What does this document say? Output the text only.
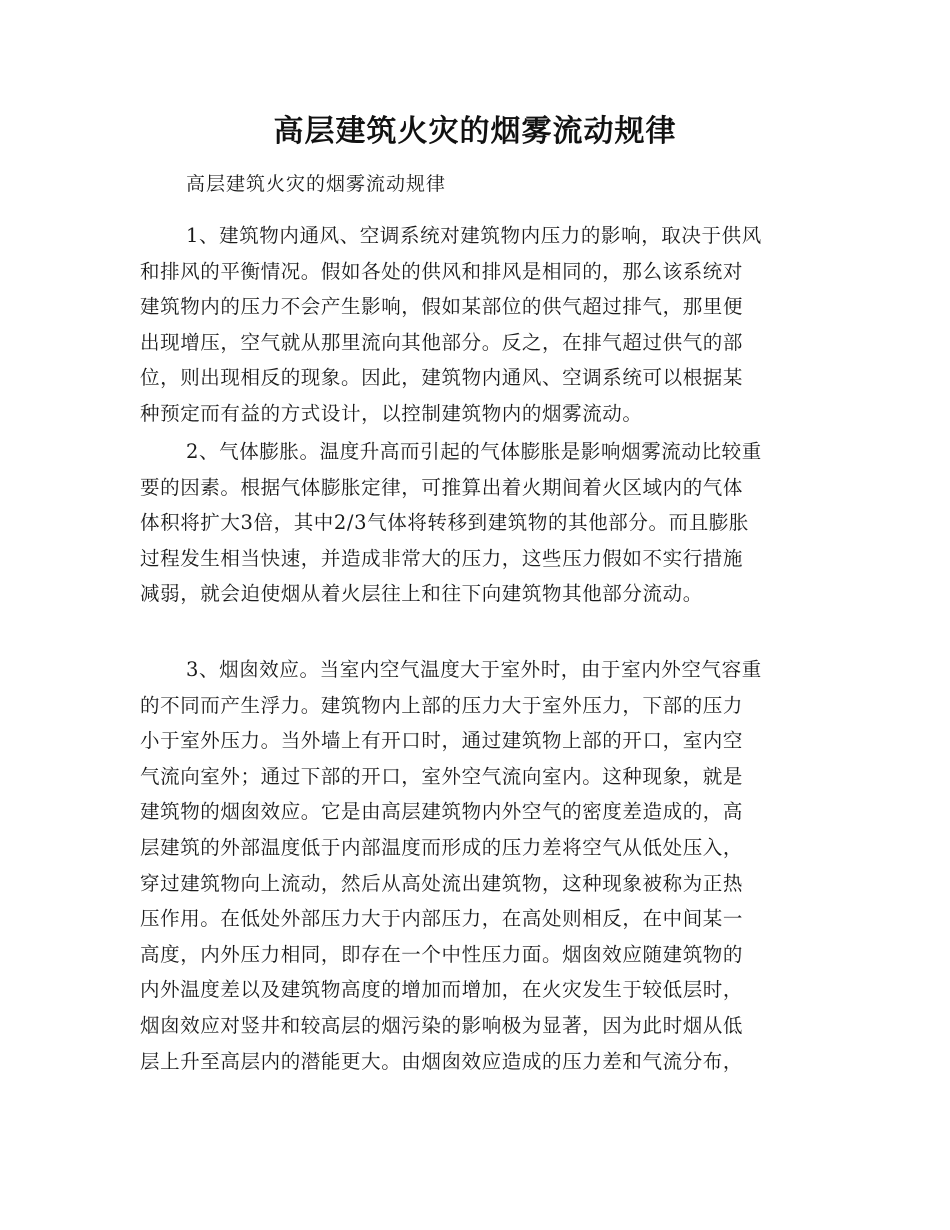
高层建筑火灾的烟雾流动规律
高层建筑火灾的烟雾流动规律
1、建筑物内通风、空调系统对建筑物内压力的影响，取决于供风
和排风的平衡情况。假如各处的供风和排风是相同的，那么该系统对
建筑物内的压力不会产生影响，假如某部位的供气超过排气，那里便
出现增压，空气就从那里流向其他部分。反之，在排气超过供气的部
位，则出现相反的现象。因此，建筑物内通风、空调系统可以根据某
种预定而有益的方式设计，以控制建筑物内的烟雾流动。
2、气体膨胀。温度升高而引起的气体膨胀是影响烟雾流动比较重
要的因素。根据气体膨胀定律，可推算出着火期间着火区域内的气体
体积将扩大3倍，其中2/3气体将转移到建筑物的其他部分。而且膨胀
过程发生相当快速，并造成非常大的压力，这些压力假如不实行措施
减弱，就会迫使烟从着火层往上和往下向建筑物其他部分流动。
3、烟囱效应。当室内空气温度大于室外时，由于室内外空气容重
的不同而产生浮力。建筑物内上部的压力大于室外压力，下部的压力
小于室外压力。当外墙上有开口时，通过建筑物上部的开口，室内空
气流向室外；通过下部的开口，室外空气流向室内。这种现象，就是
建筑物的烟囱效应。它是由高层建筑物内外空气的密度差造成的，高
层建筑的外部温度低于内部温度而形成的压力差将空气从低处压入，
穿过建筑物向上流动，然后从高处流出建筑物，这种现象被称为正热
压作用。在低处外部压力大于内部压力，在高处则相反，在中间某一
高度，内外压力相同，即存在一个中性压力面。烟囱效应随建筑物的
内外温度差以及建筑物高度的增加而增加，在火灾发生于较低层时，
烟囱效应对竖井和较高层的烟污染的影响极为显著，因为此时烟从低
层上升至高层内的潜能更大。由烟囱效应造成的压力差和气流分布，
